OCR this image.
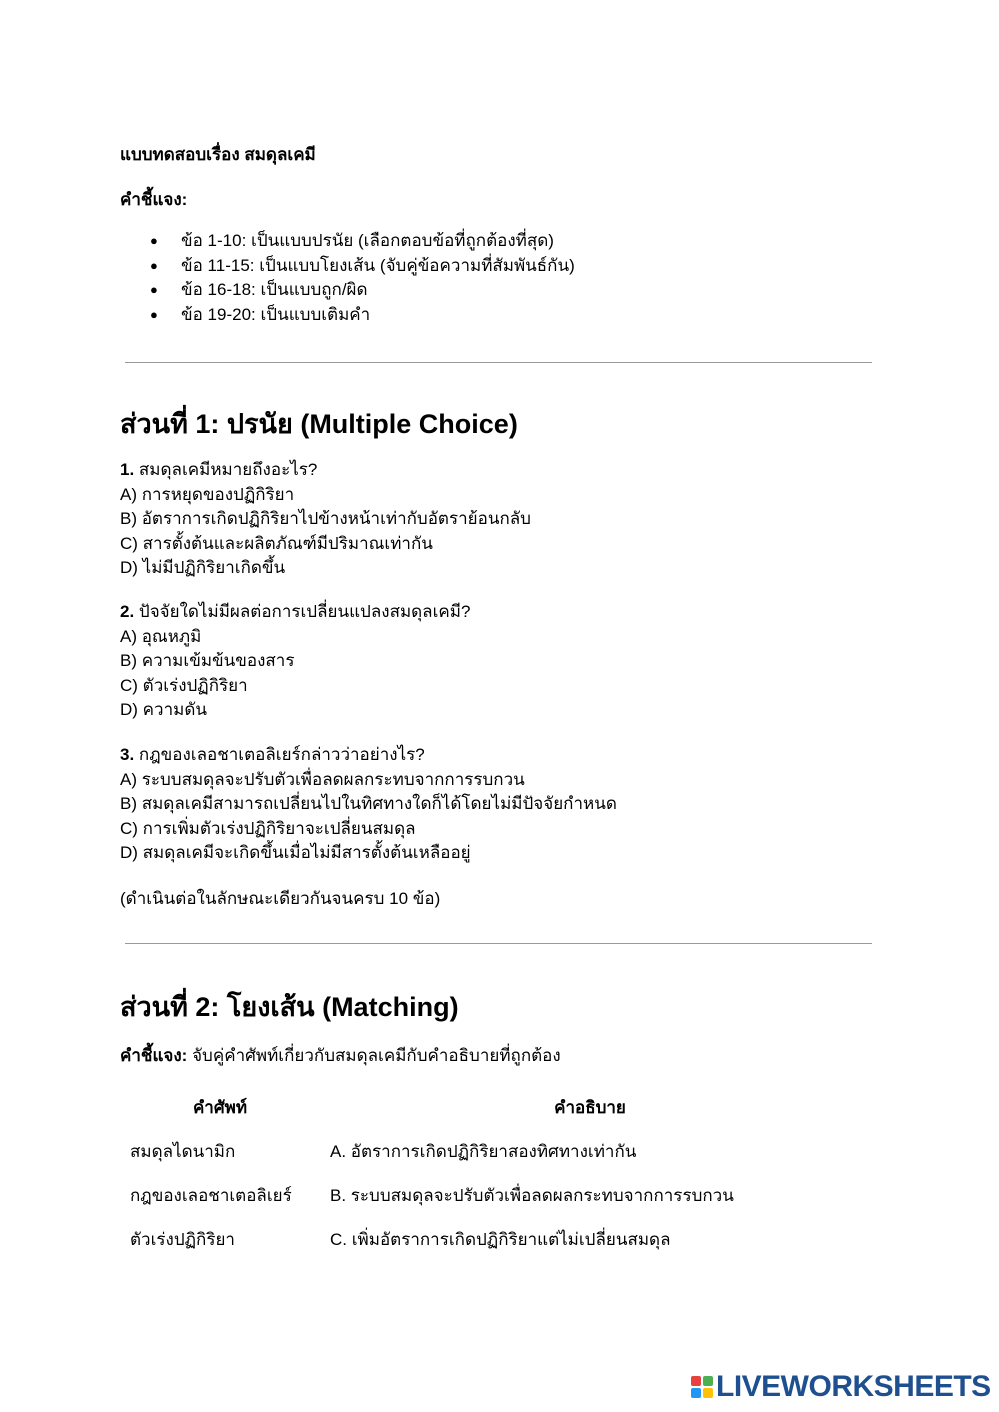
แบบทดสอบเรื่อง สมดุลเคมี
คำชี้แจง:
● ข้อ 1-10: เป็นแบบปรนัย (เลือกตอบข้อที่ถูกต้องที่สุด)
● ข้อ 11-15: เป็นแบบโยงเส้น (จับคู่ข้อความที่สัมพันธ์กัน)
● ข้อ 16-18: เป็นแบบถูก/ผิด
● ข้อ 19-20: เป็นแบบเติมคำ
ส่วนที่ 1: ปรนัย (Multiple Choice)
1. สมดุลเคมีหมายถึงอะไร?
A) การหยุดของปฏิกิริยา
B) อัตราการเกิดปฏิกิริยาไปข้างหน้าเท่ากับอัตราย้อนกลับ
C) สารตั้งต้นและผลิตภัณฑ์มีปริมาณเท่ากัน
D) ไม่มีปฏิกิริยาเกิดขึ้น
2. ปัจจัยใดไม่มีผลต่อการเปลี่ยนแปลงสมดุลเคมี?
A) อุณหภูมิ
B) ความเข้มข้นของสาร
C) ตัวเร่งปฏิกิริยา
D) ความดัน
3. กฎของเลอชาเตอลิเยร์กล่าวว่าอย่างไร?
A) ระบบสมดุลจะปรับตัวเพื่อลดผลกระทบจากการรบกวน
B) สมดุลเคมีสามารถเปลี่ยนไปในทิศทางใดก็ได้โดยไม่มีปัจจัยกำหนด
C) การเพิ่มตัวเร่งปฏิกิริยาจะเปลี่ยนสมดุล
D) สมดุลเคมีจะเกิดขึ้นเมื่อไม่มีสารตั้งต้นเหลืออยู่
(ดำเนินต่อในลักษณะเดียวกันจนครบ 10 ข้อ)
ส่วนที่ 2: โยงเส้น (Matching)
คำชี้แจง: จับคู่คำศัพท์เกี่ยวกับสมดุลเคมีกับคำอธิบายที่ถูกต้อง
คำศัพท์	คำอธิบาย
สมดุลไดนามิก	A. อัตราการเกิดปฏิกิริยาสองทิศทางเท่ากัน
กฎของเลอชาเตอลิเยร์	B. ระบบสมดุลจะปรับตัวเพื่อลดผลกระทบจากการรบกวน
ตัวเร่งปฏิกิริยา	C. เพิ่มอัตราการเกิดปฏิกิริยาแต่ไม่เปลี่ยนสมดุล
LIVEWORKSHEETS
